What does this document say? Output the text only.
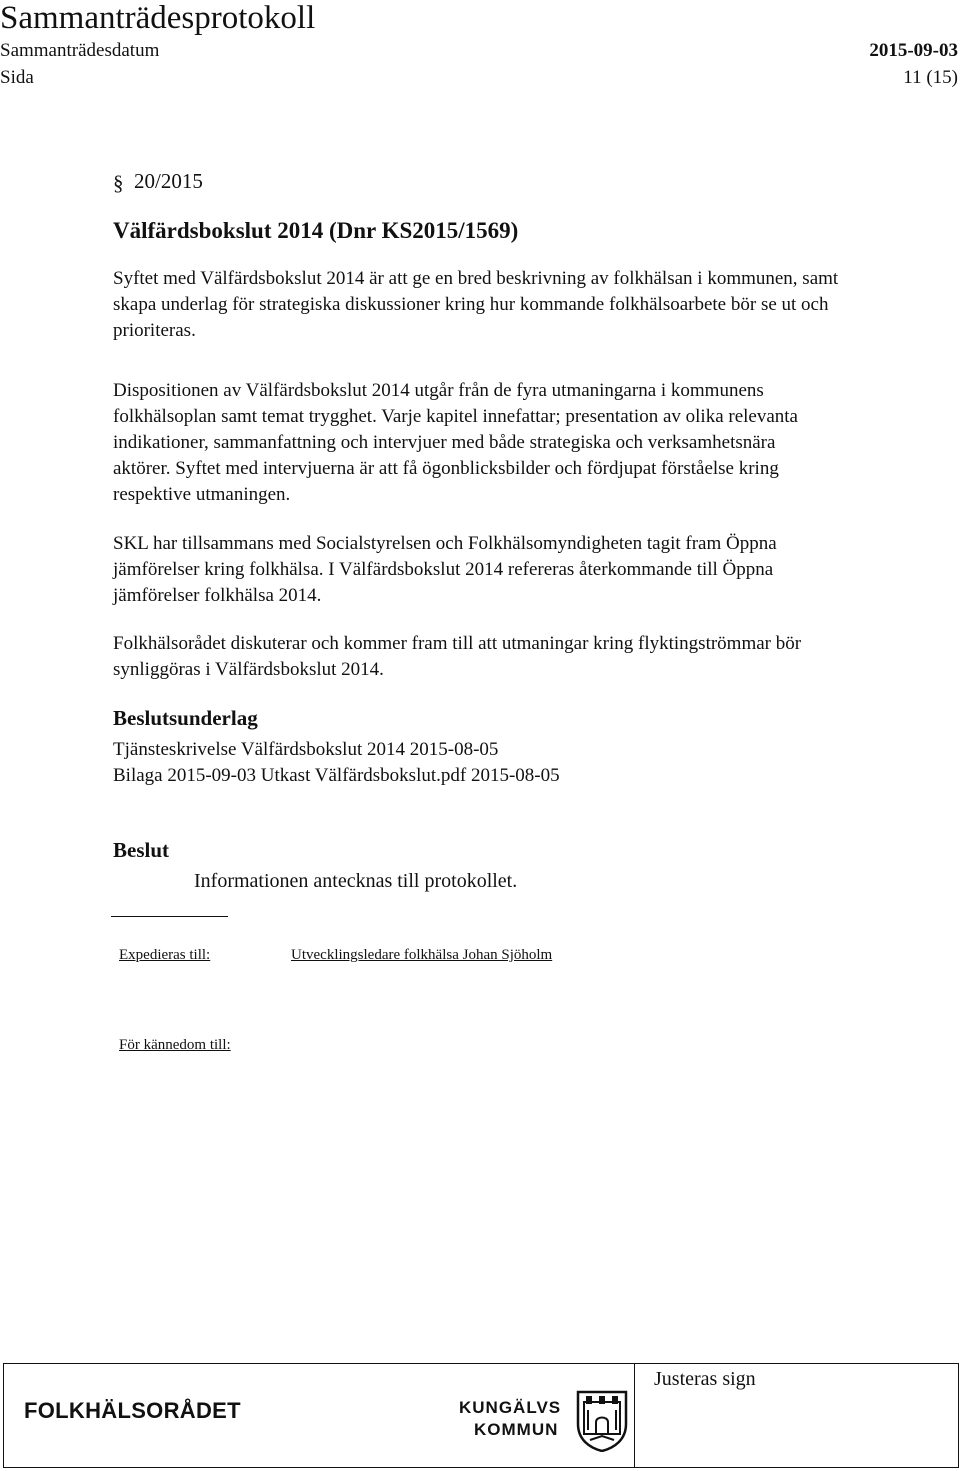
Sammanträdesprotokoll
Sammanträdesdatum	2015-09-03
Sida	11 (15)
§ 20/2015
Välfärdsbokslut 2014 (Dnr KS2015/1569)

Syftet med Välfärdsbokslut 2014 är att ge en bred beskrivning av folkhälsan i kommunen, samt

skapa underlag för strategiska diskussioner kring hur kommande folkhälsoarbete bör se ut och

prioriteras.

Dispositionen av Välfärdsbokslut 2014 utgår från de fyra utmaningarna i kommunens

folkhälsoplan samt temat trygghet. Varje kapitel innefattar; presentation av olika relevanta

indikationer, sammanfattning och intervjuer med både strategiska och verksamhetsnära

aktörer. Syftet med intervjuerna är att få ögonblicksbilder och fördjupat förståelse kring

respektive utmaningen.

SKL har tillsammans med Socialstyrelsen och Folkhälsomyndigheten tagit fram Öppna

jämförelser kring folkhälsa. I Välfärdsbokslut 2014 refereras återkommande till Öppna

jämförelser folkhälsa 2014.

Folkhälsorådet diskuterar och kommer fram till att utmaningar kring flyktingströmmar bör

synliggöras i Välfärdsbokslut 2014.

Beslutsunderlag

Tjänsteskrivelse Välfärdsbokslut 2014 2015-08-05

Bilaga 2015-09-03 Utkast Välfärdsbokslut.pdf 2015-08-05

Beslut
Informationen antecknas till protokollet.
Expedieras till:	Utvecklingsledare folkhälsa Johan Sjöholm
För kännedom till:
FOLKHÄLSORÅDET	KUNGÄLVS
KOMMUN
Justeras sign
